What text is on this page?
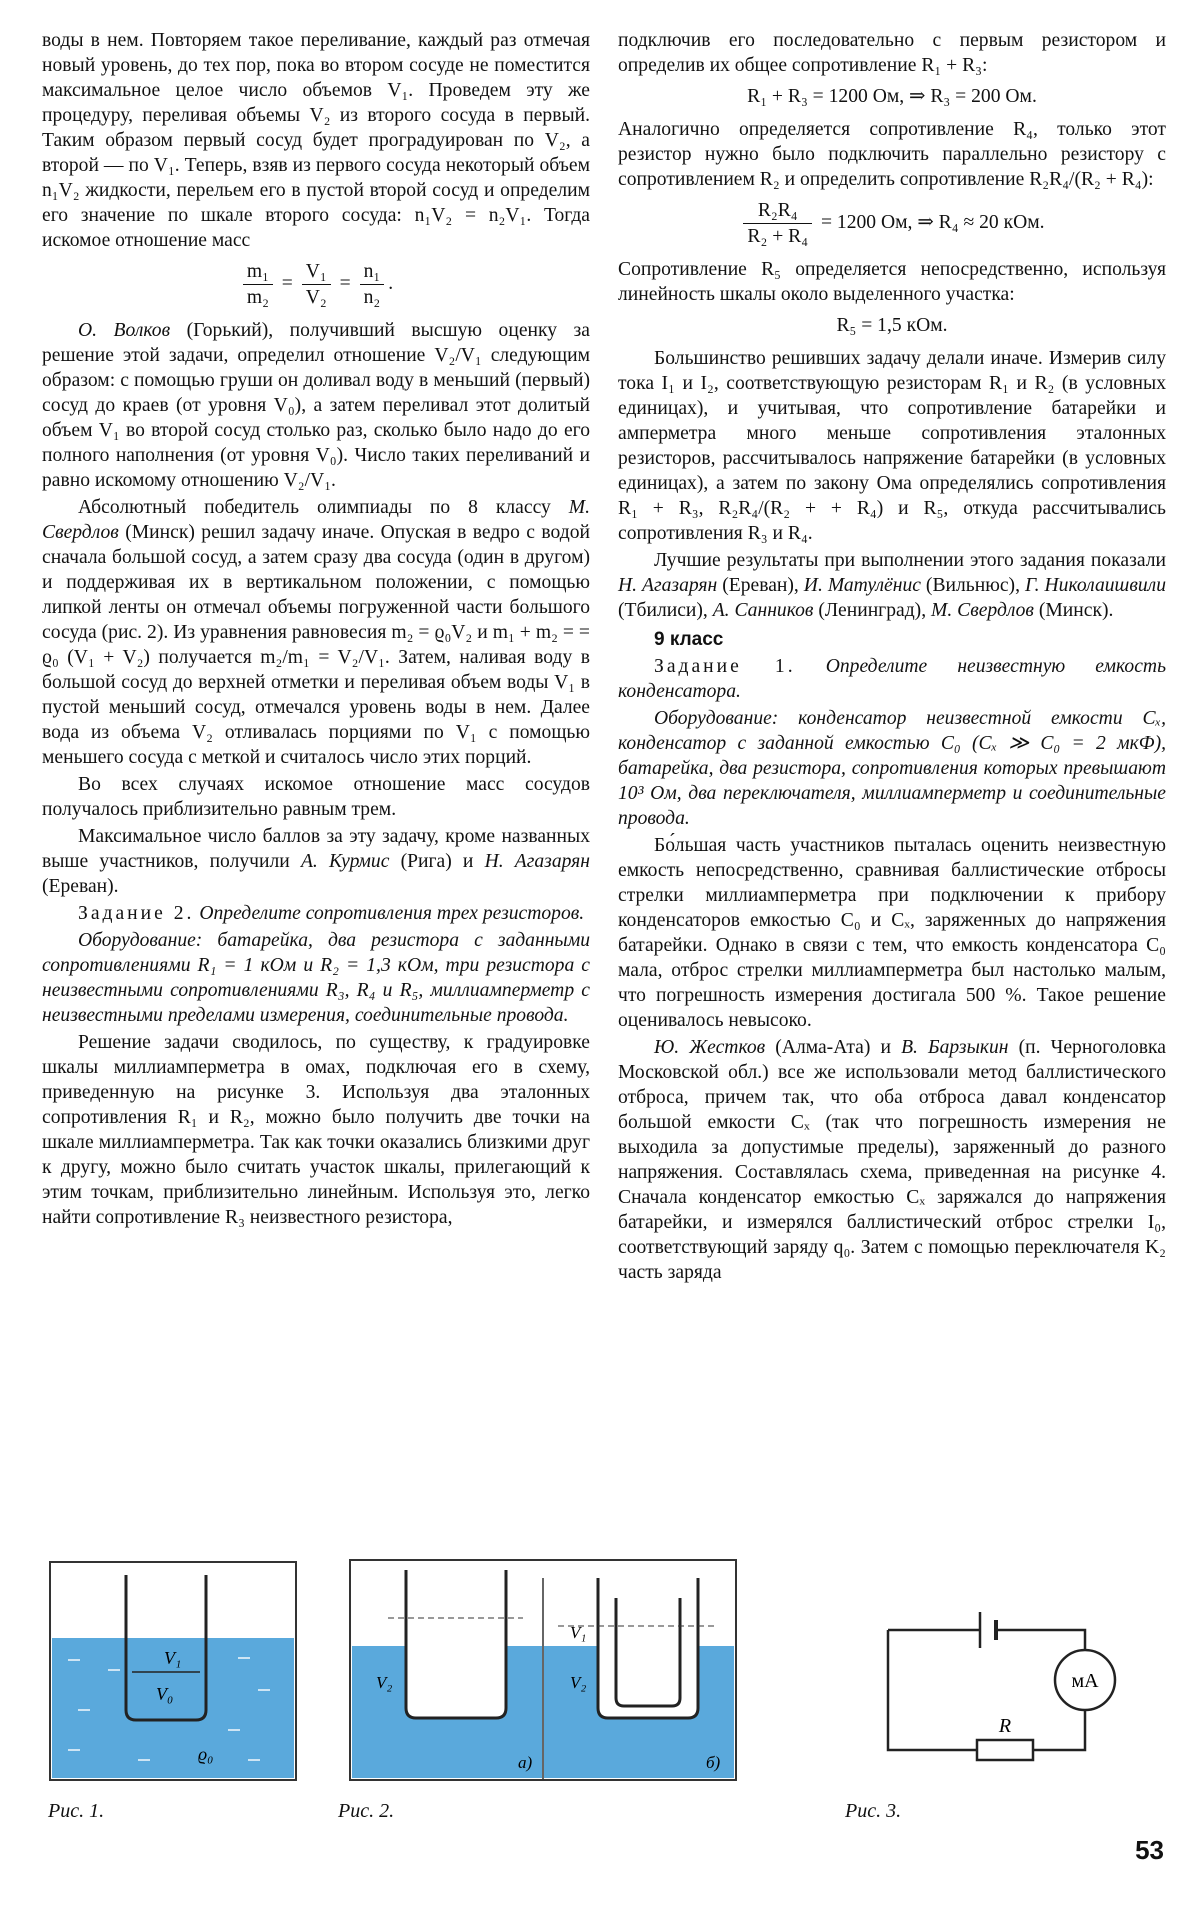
воды в нем. Повторяем такое переливание, каждый раз отмечая новый уровень, до тех пор, пока во втором сосуде не поместится максимальное целое число объемов V₁. Проведем эту же процедуру, переливая объемы V₂ из второго сосуда в первый. Таким образом первый сосуд будет проградуирован по V₂, а второй — по V₁. Теперь, взяв из первого сосуда некоторый объем n₁V₂ жидкости, перельем его в пустой второй сосуд и определим его значение по шкале второго сосуда: n₁V₂ = n₂V₁. Тогда искомое отношение масс

$\frac{\text{m₁}}{\text{m₂}} = \frac{\text{V₁}}{\text{V₂}} = \frac{\text{n₁}}{\text{n₂}}$ .

О. Волков (Горький), получивший высшую оценку за решение этой задачи, определил отношение V₂/V₁ следующим образом: с помощью груши он доливал воду в меньший (первый) сосуд до краев (от уровня V₀), а затем переливал этот долитый объем V₁ во второй сосуд столько раз, сколько было надо до его полного наполнения (от уровня V₀). Число таких переливаний и равно искомому отношению V₂/V₁.

Абсолютный победитель олимпиады по 8 классу М. Свердлов (Минск) решил задачу иначе. Опуская в ведро с водой сначала большой сосуд, а затем сразу два сосуда (один в другом) и поддерживая их в вертикальном положении, с помощью липкой ленты он отмечал объемы погруженной части большого сосуда (рис. 2). Из уравнения равновесия m₂ = ϱ₀V₂ и m₁ + m₂ = = ϱ₀ (V₁ + V₂) получается m₂/m₁ = V₂/V₁. Затем, наливая воду в большой сосуд до верхней отметки и переливая объем воды V₁ в пустой меньший сосуд, отмечался уровень воды в нем. Далее вода из объема V₂ отливалась порциями по V₁ с помощью меньшего сосуда с меткой и считалось число этих порций.

Во всех случаях искомое отношение масс сосудов получалось приблизительно равным трем.

Максимальное число баллов за эту задачу, кроме названных выше участников, получили А. Курмис (Рига) и Н. Агазарян (Ереван).

Задание 2. Определите сопротивления трех резисторов.

Оборудование: батарейка, два резистора с заданными сопротивлениями R₁ = 1 кОм и R₂ = 1,3 кОм, три резистора с неизвестными сопротивлениями R₃, R₄ и R₅, миллиамперметр с неизвестными пределами измерения, соединительные провода.

Решение задачи сводилось, по существу, к градуировке шкалы миллиамперметра в омах, подключая его в схему, приведенную на рисунке 3. Используя два эталонных сопротивления R₁ и R₂, можно было получить две точки на шкале миллиамперметра. Так как точки оказались близкими друг к другу, можно было считать участок шкалы, прилегающий к этим точкам, приблизительно линейным. Используя это, легко найти сопротивление R₃ неизвестного резистора,

подключив его последовательно с первым резистором и определив их общее сопротивление R₁ + R₃:

R₁ + R₃ = 1200 Ом, ⇒ R₃ = 200 Ом.

Аналогично определяется сопротивление R₄, только этот резистор нужно было подключить параллельно резистору с сопротивлением R₂ и определить сопротивление R₂R₄/(R₂ + R₄):

$\frac{\text{R₂R₄}}{\text{R₂ + R₄}} = 1200$ Ом, ⇒ R₄ ≈ 20 кОм.

Сопротивление R₅ определяется непосредственно, используя линейность шкалы около выделенного участка:

R₅ = 1,5 кОм.

Большинство решивших задачу делали иначе. Измерив силу тока I₁ и I₂, соответствующую резисторам R₁ и R₂ (в условных единицах), и учитывая, что сопротивление батарейки и амперметра много меньше сопротивления эталонных резисторов, рассчитывалось напряжение батарейки (в условных единицах), а затем по закону Ома определялись сопротивления R₁ + R₃, R₂R₄/(R₂ + + R₄) и R₅, откуда рассчитывались сопротивления R₃ и R₄.

Лучшие результаты при выполнении этого задания показали Н. Агазарян (Ереван), И. Матулёнис (Вильнюс), Г. Николаишвили (Тбилиси), А. Санников (Ленинград), М. Свердлов (Минск).

9 класс

Задание 1. Определите неизвестную емкость конденсатора.

Оборудование: конденсатор неизвестной емкости Cₓ, конденсатор с заданной емкостью C₀ (Cₓ ≫ C₀ = 2 мкФ), батарейка, два резистора, сопротивления которых превышают 10³ Ом, два переключателя, миллиамперметр и соединительные провода.

Бо́льшая часть участников пыталась оценить неизвестную емкость непосредственно, сравнивая баллистические отбросы стрелки миллиамперметра при подключении к прибору конденсаторов емкостью C₀ и Cₓ, заряженных до напряжения батарейки. Однако в связи с тем, что емкость конденсатора C₀ мала, отброс стрелки миллиамперметра был настолько малым, что погрешность измерения достигала 500 %. Такое решение оценивалось невысоко.

Ю. Жестков (Алма-Ата) и В. Барзыкин (п. Черноголовка Московской обл.) все же использовали метод баллистического отброса, причем так, что оба отброса давал конденсатор большой емкости Cₓ (так что погрешность измерения не выходила за допустимые пределы), заряженный до разного напряжения. Составлялась схема, приведенная на рисунке 4. Сначала конденсатор емкостью Cₓ заряжался до напряжения батарейки, и измерялся баллистический отброс стрелки I₀, соответствующий заряду q₀. Затем с помощью переключателя K₂ часть заряда

V₁
V₀
ϱ₀
V₂
V₁
V₂
а)	б)
мА
R
Рис. 1.	Рис. 2.	Рис. 3.
53
